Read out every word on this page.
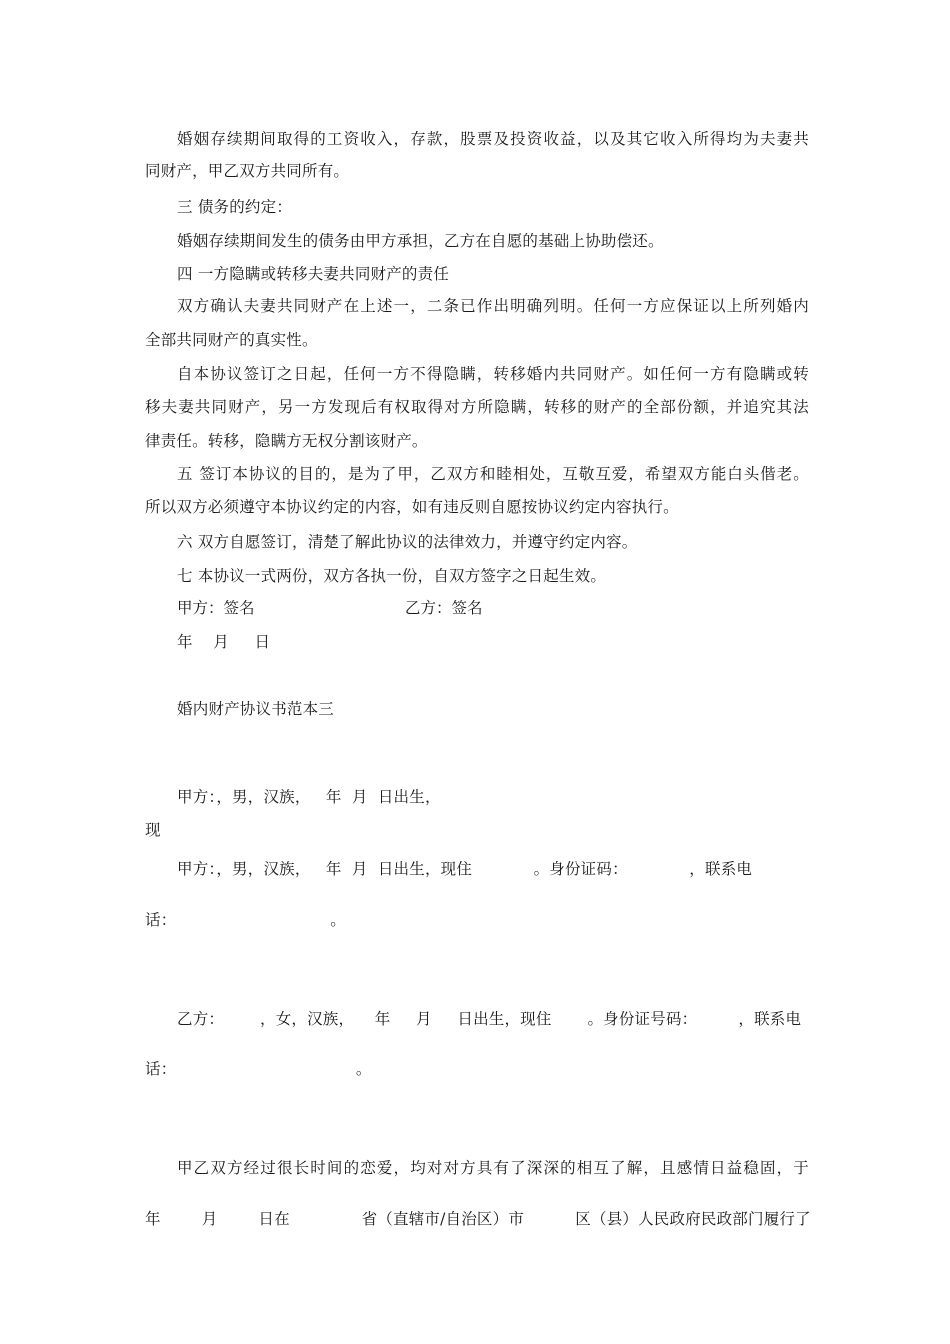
婚姻存续期间取得的工资收入，存款，股票及投资收益，以及其它收入所得均为夫妻共
同财产，甲乙双方共同所有。
三 债务的约定：
婚姻存续期间发生的债务由甲方承担，乙方在自愿的基础上协助偿还。
四 一方隐瞒或转移夫妻共同财产的责任
双方确认夫妻共同财产在上述一，二条已作出明确列明。任何一方应保证以上所列婚内
全部共同财产的真实性。
自本协议签订之日起，任何一方不得隐瞒，转移婚内共同财产。如任何一方有隐瞒或转
移夫妻共同财产，另一方发现后有权取得对方所隐瞒，转移的财产的全部份额，并追究其法
律责任。转移，隐瞒方无权分割该财产。
五 签订本协议的目的，是为了甲，乙双方和睦相处，互敬互爱，希望双方能白头偕老。
所以双方必须遵守本协议约定的内容，如有违反则自愿按协议约定内容执行。
六 双方自愿签订，清楚了解此协议的法律效力，并遵守约定内容。
七 本协议一式两份，双方各执一份，自双方签字之日起生效。
甲方：签名	乙方：签名
年    月     日
婚内财产协议书范本三
甲方：，男，汉族，   年  月  日出生，
现
甲方：，男，汉族，   年  月  日出生，现住            。身份证码：            ，联系电
话：                              。
乙方：       ，女，汉族，    年     月     日出生，现住       。身份证号码：        ，联系电
话：                                   。
甲乙双方经过很长时间的恋爱，均对对方具有了深深的相互了解，且感情日益稳固，于
年        月        日在              省（直辖市/自治区）市          区（县）人民政府民政部门履行了
